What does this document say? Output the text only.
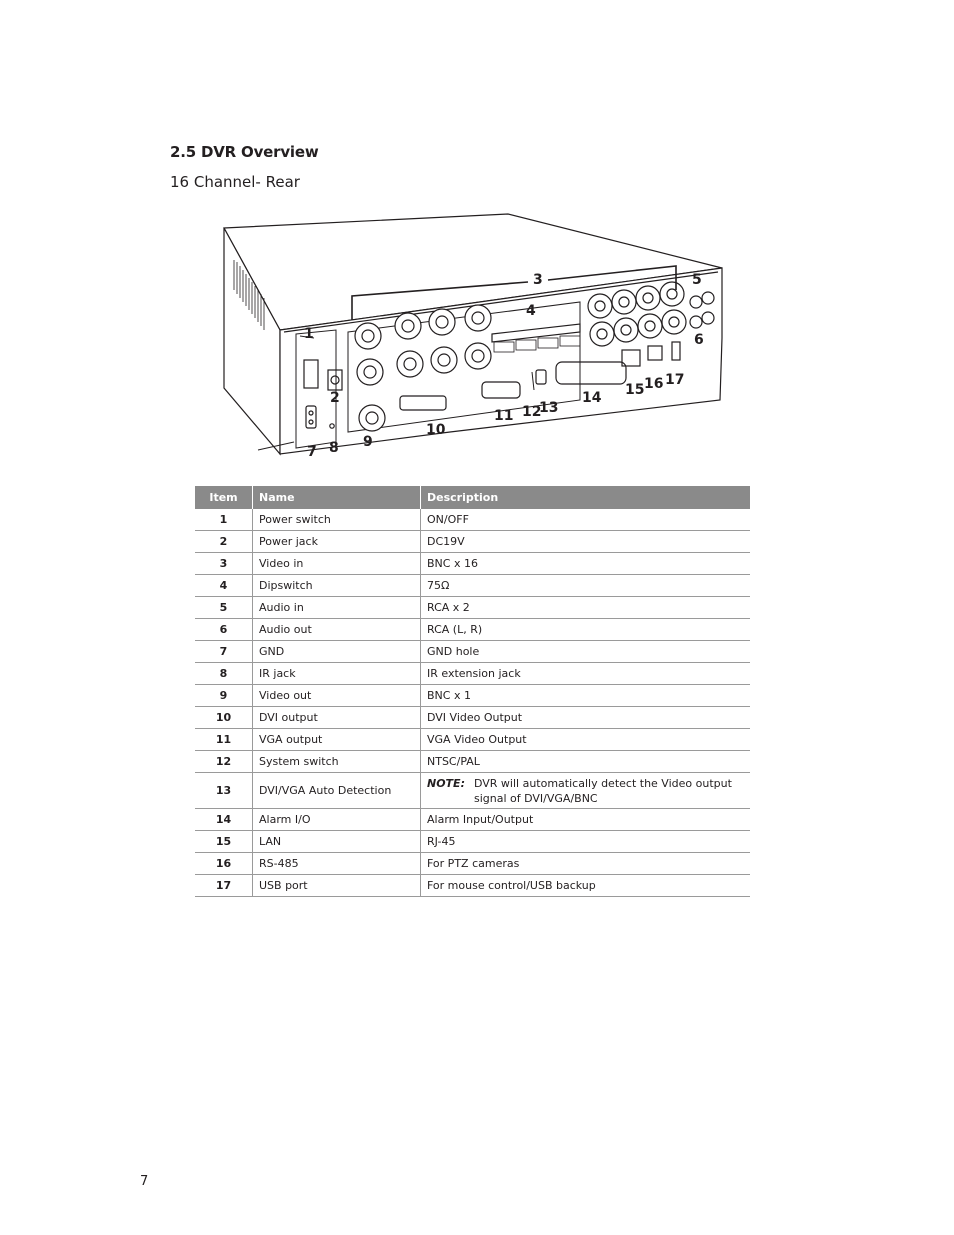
2.5 DVR Overview
16 Channel- Rear
1
2
3
4
5
6
7 8 9
10
11 12
13
14 15 16 17
Item	Name	Description
1	Power switch	ON/OFF
2	Power jack	DC19V
3	Video in	BNC x 16
4	Dipswitch	75Ω
5	Audio in	RCA x 2
6	Audio out	RCA (L, R)
7	GND	GND hole
8	IR jack	IR extension jack
9	Video out	BNC x 1
10	DVI output	DVI Video Output
11	VGA output	VGA Video Output
12	System switch	NTSC/PAL
13	DVI/VGA Auto Detection	NOTE: DVR will automatically detect the Video output signal of DVI/VGA/BNC

14	Alarm I/O	Alarm Input/Output
15	LAN	RJ-45
16	RS-485	For PTZ cameras
17	USB port	For mouse control/USB backup

7
